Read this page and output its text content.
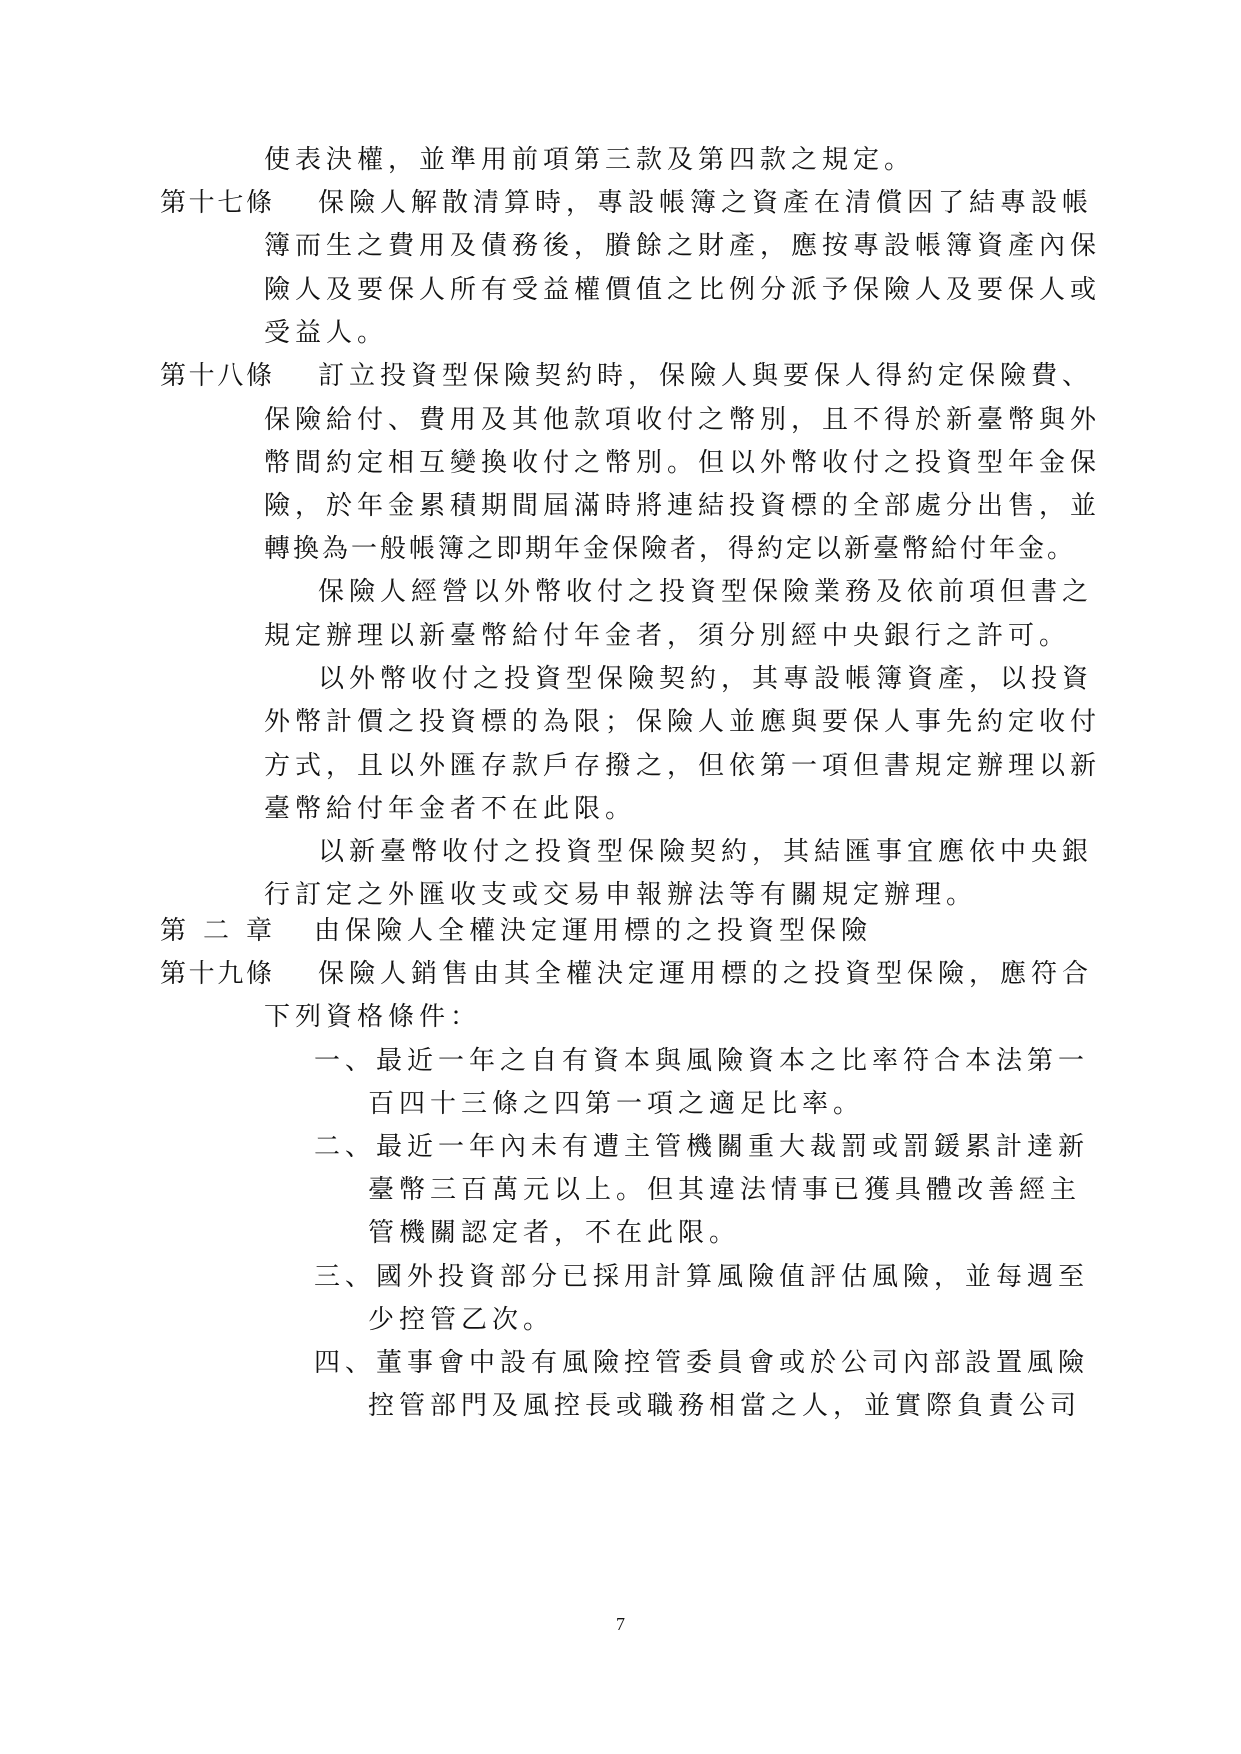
第十七條
第十八條
第 二 章
第十九條
使表決權，並準用前項第三款及第四款之規定。
保險人解散清算時，專設帳簿之資產在清償因了結專設帳
簿而生之費用及債務後，賸餘之財產，應按專設帳簿資產內保
險人及要保人所有受益權價值之比例分派予保險人及要保人或
受益人。
訂立投資型保險契約時，保險人與要保人得約定保險費、
保險給付、費用及其他款項收付之幣別，且不得於新臺幣與外
幣間約定相互變換收付之幣別。但以外幣收付之投資型年金保
險，於年金累積期間屆滿時將連結投資標的全部處分出售，並
轉換為一般帳簿之即期年金保險者，得約定以新臺幣給付年金。
保險人經營以外幣收付之投資型保險業務及依前項但書之
規定辦理以新臺幣給付年金者，須分別經中央銀行之許可。
以外幣收付之投資型保險契約，其專設帳簿資產，以投資
外幣計價之投資標的為限；保險人並應與要保人事先約定收付
方式，且以外匯存款戶存撥之，但依第一項但書規定辦理以新
臺幣給付年金者不在此限。
以新臺幣收付之投資型保險契約，其結匯事宜應依中央銀
行訂定之外匯收支或交易申報辦法等有關規定辦理。
由保險人全權決定運用標的之投資型保險
保險人銷售由其全權決定運用標的之投資型保險，應符合
下列資格條件：
一、最近一年之自有資本與風險資本之比率符合本法第一
百四十三條之四第一項之適足比率。
二、最近一年內未有遭主管機關重大裁罰或罰鍰累計達新
臺幣三百萬元以上。但其違法情事已獲具體改善經主
管機關認定者，不在此限。
三、國外投資部分已採用計算風險值評估風險，並每週至
少控管乙次。
四、董事會中設有風險控管委員會或於公司內部設置風險
控管部門及風控長或職務相當之人，並實際負責公司
7
